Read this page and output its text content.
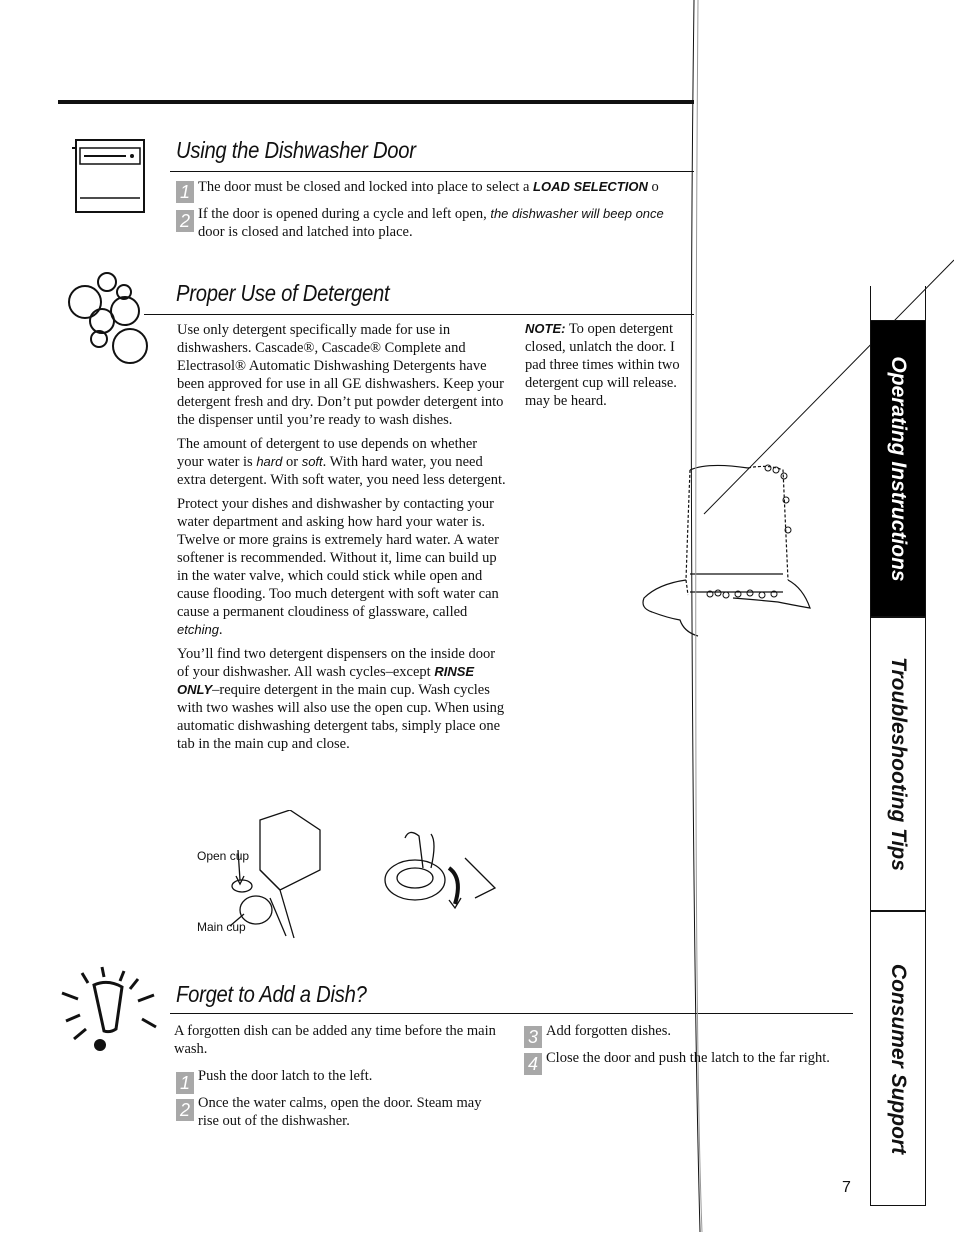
Using the Dishwasher Door
1 The door must be closed and locked into place to select a LOAD SELECTION o
2 If the door is opened during a cycle and left open, the dishwasher will beep once
door is closed and latched into place.
Proper Use of Detergent

Use only detergent specifically made for use in dishwashers. Cascade®, Cascade® Complete and Electrasol® Automatic Dishwashing Detergents have been approved for use in all GE dishwashers. Keep your detergent fresh and dry. Don’t put powder detergent into the dispenser until you’re ready to wash dishes.

The amount of detergent to use depends on whether your water is hard or soft. With hard water, you need extra detergent. With soft water, you need less detergent.

Protect your dishes and dishwasher by contacting your water department and asking how hard your water is. Twelve or more grains is extremely hard water. A water softener is recommended. Without it, lime can build up in the water valve, which could stick while open and cause flooding. Too much detergent with soft water can cause a permanent cloudiness of glassware, called etching.

You’ll find two detergent dispensers on the inside door of your dishwasher. All wash cycles–except RINSE ONLY–require detergent in the main cup. Wash cycles with two washes will also use the open cup. When using automatic dishwashing detergent tabs, simply place one tab in the main cup and close.

NOTE: To open detergent
closed, unlatch the door. I
pad three times within two
detergent cup will release.
may be heard.
Open cup
Main cup
Forget to Add a Dish?
A forgotten dish can be added any time before the main wash.
1 Push the door latch to the left.
2 Once the water calms, open the door. Steam may rise out of the dishwasher.
3 Add forgotten dishes.
4 Close the door and push the latch to the far right.
Operating Instructions
Troubleshooting Tips
Consumer Support
7
